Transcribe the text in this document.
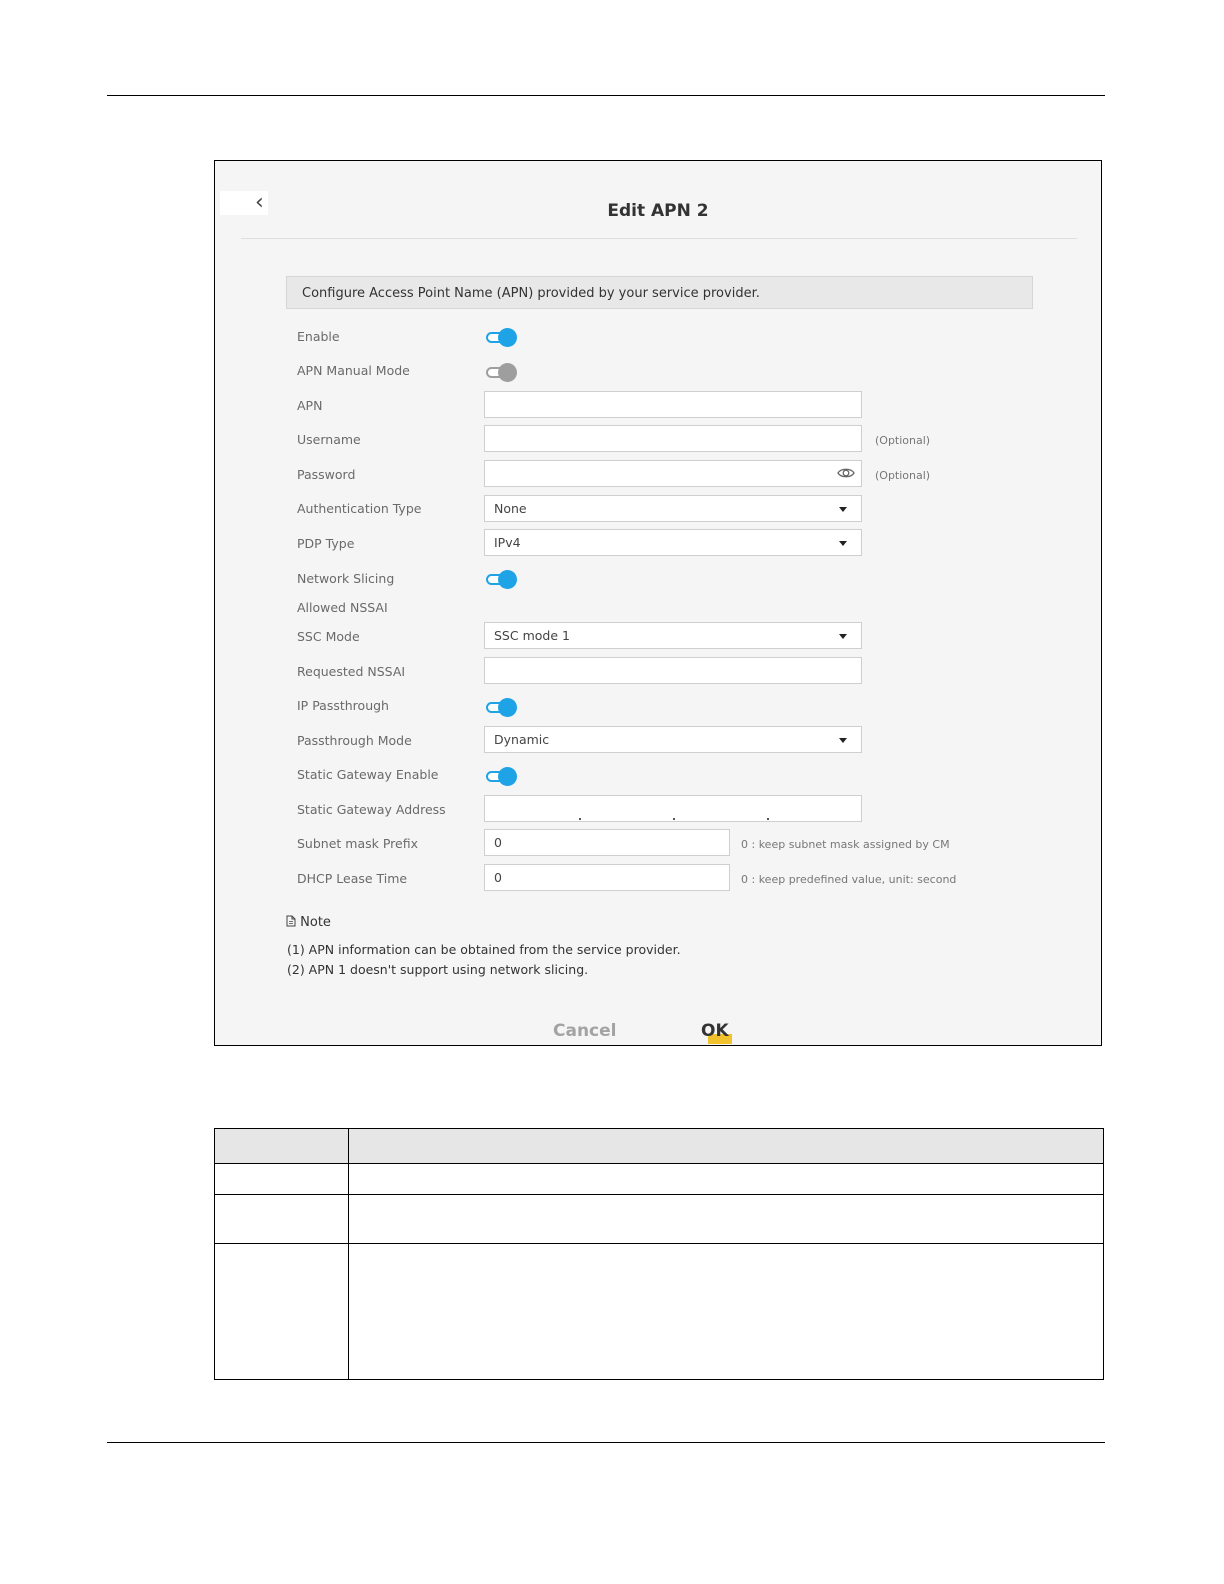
‹	Edit APN 2
Configure Access Point Name (APN) provided by your service provider.
Enable
APN Manual Mode
APN
Username	(Optional)
Password	(Optional)
Authentication Type	None
PDP Type	IPv4
Network Slicing
Allowed NSSAI
SSC Mode	SSC mode 1
Requested NSSAI
IP Passthrough
Passthrough Mode	Dynamic
Static Gateway Enable
Static Gateway Address
Subnet mask Prefix	0	0 : keep subnet mask assigned by CM
DHCP Lease Time	0	0 : keep predefined value, unit: second
Note
(1) APN information can be obtained from the service provider.
(2) APN 1 doesn't support using network slicing.
Cancel	OK
